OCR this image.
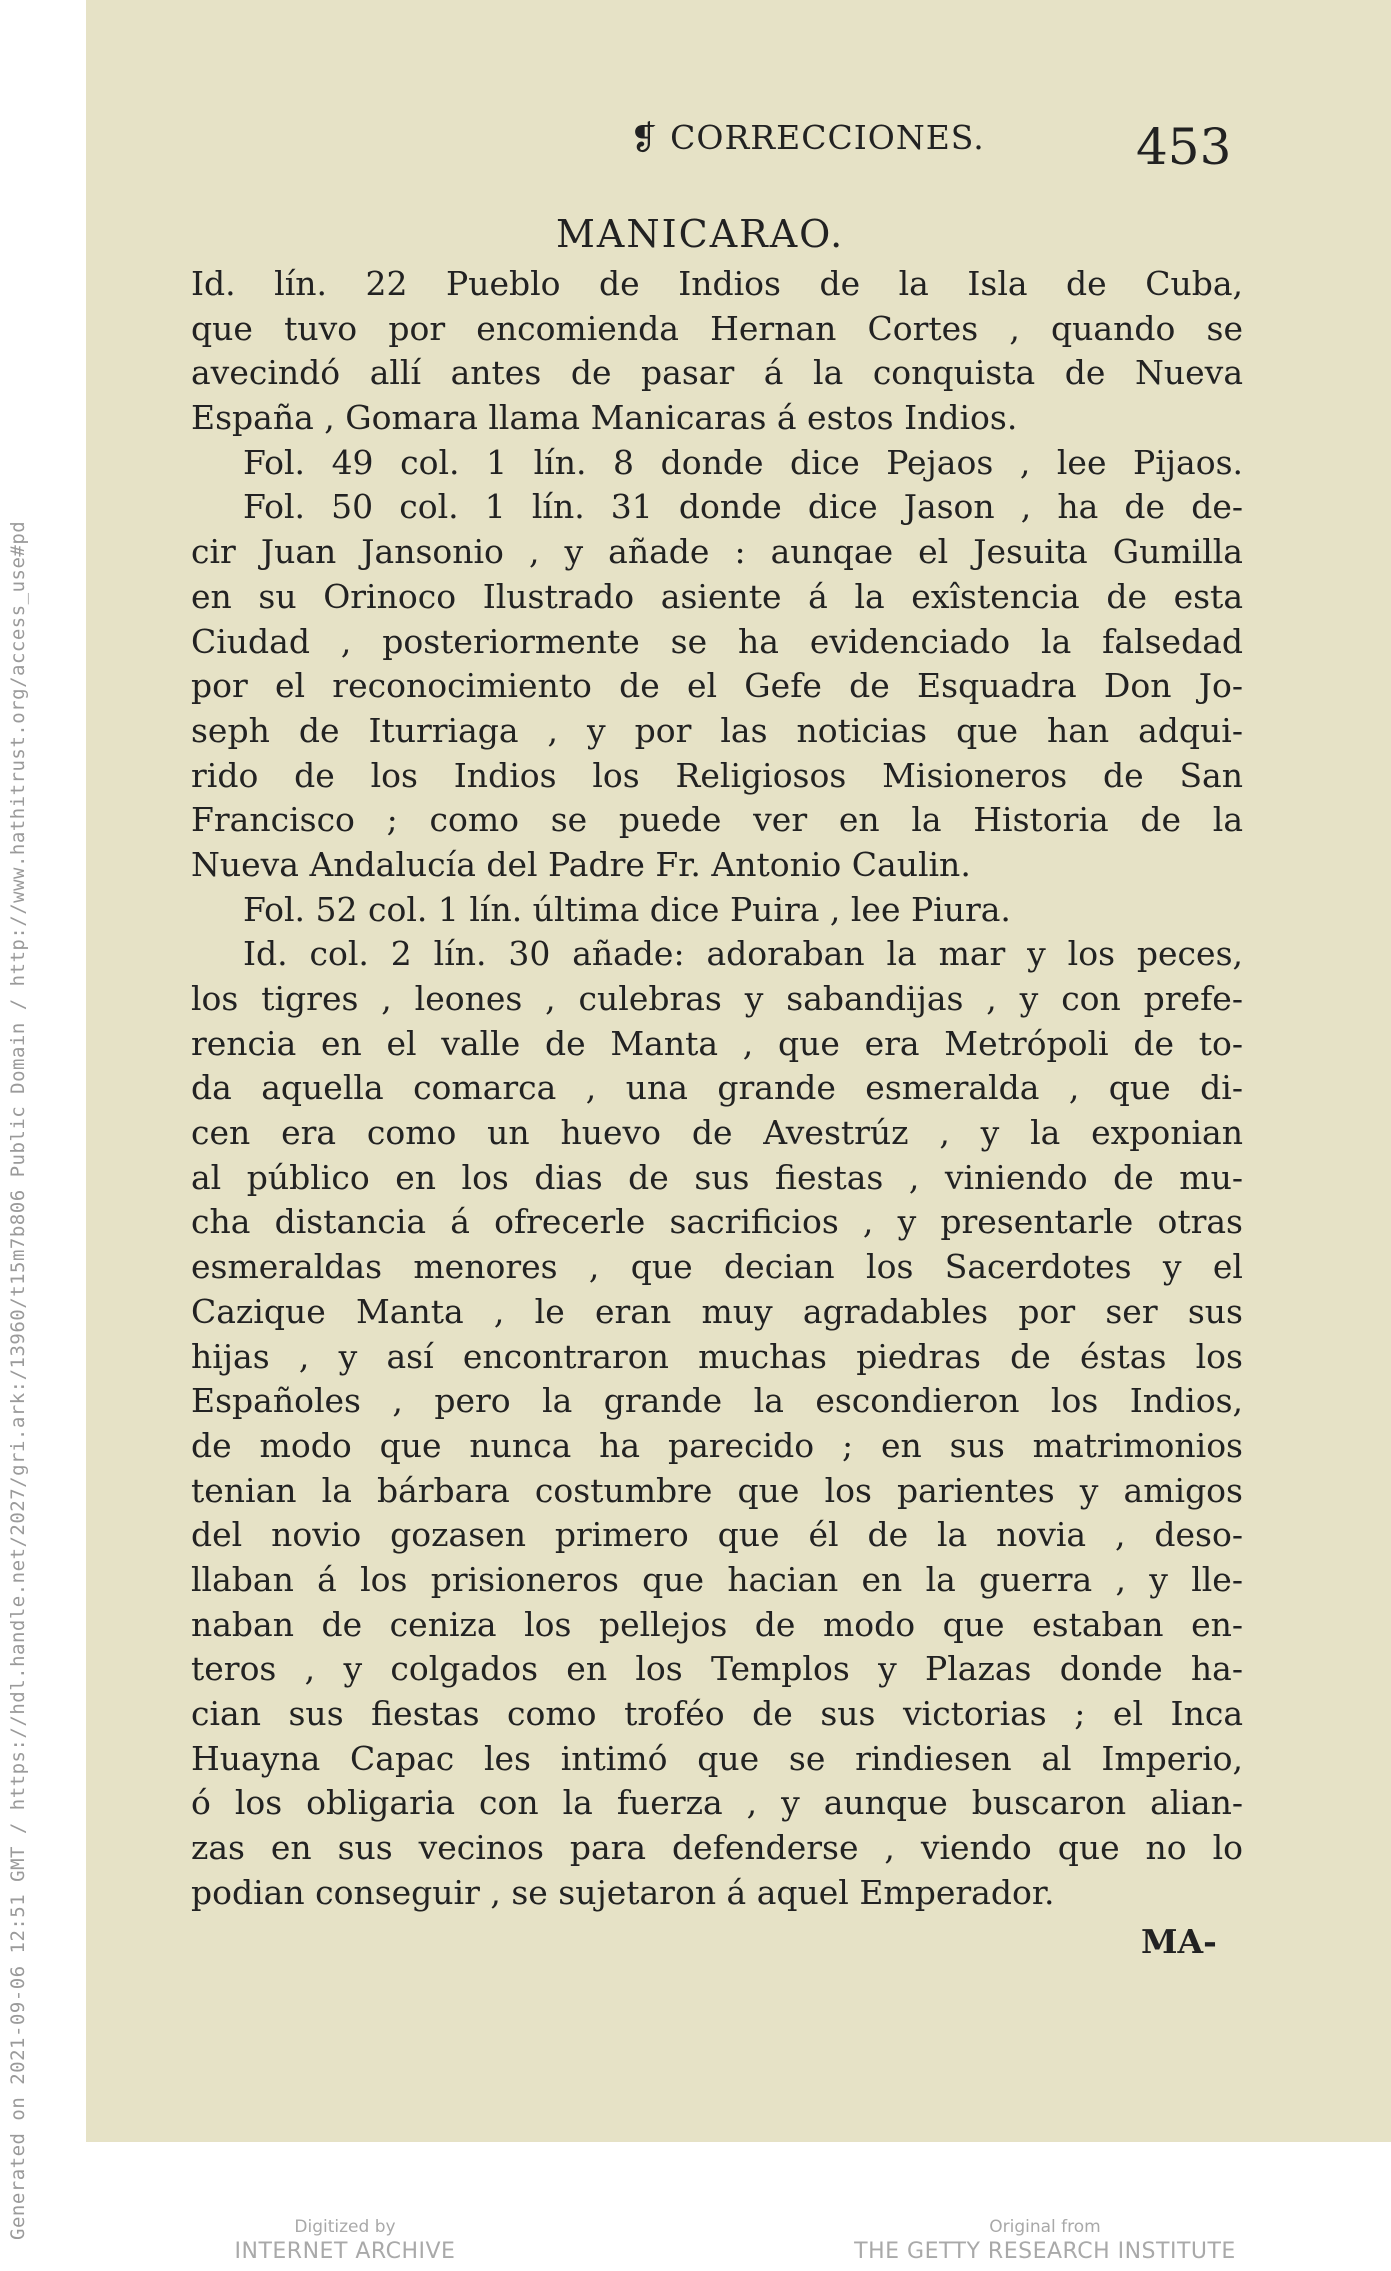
Generated on 2021-09-06 12:51 GMT / https://hdl.handle.net/2027/gri.ark:/13960/t15m7b806 Public Domain / http://www.hathitrust.org/access_use#pd
❡ CORRECCIONES.	453
MANICARAO.
Id. lín. 22 Pueblo de Indios de la Isla de Cuba,
que tuvo por encomienda Hernan Cortes , quando se
avecindó allí antes de pasar á la conquista de Nueva
España , Gomara llama Manicaras á estos Indios.
Fol. 49 col. 1 lín. 8 donde dice Pejaos , lee Pijaos.
Fol. 50 col. 1 lín. 31 donde dice Jason , ha de de-
cir Juan Jansonio , y añade : aunqae el Jesuita Gumilla
en su Orinoco Ilustrado asiente á la exîstencia de esta
Ciudad , posteriormente se ha evidenciado la falsedad
por el reconocimiento de el Gefe de Esquadra Don Jo-
seph de Iturriaga , y por las noticias que han adqui-
rido de los Indios los Religiosos Misioneros de San
Francisco ; como se puede ver en la Historia de la
Nueva Andalucía del Padre Fr. Antonio Caulin.
Fol. 52 col. 1 lín. última dice Puira , lee Piura.
Id. col. 2 lín. 30 añade: adoraban la mar y los peces,
los tigres , leones , culebras y sabandijas , y con prefe-
rencia en el valle de Manta , que era Metrópoli de to-
da aquella comarca , una grande esmeralda , que di-
cen era como un huevo de Avestrúz , y la exponian
al público en los dias de sus fiestas , viniendo de mu-
cha distancia á ofrecerle sacrificios , y presentarle otras
esmeraldas menores , que decian los Sacerdotes y el
Cazique Manta , le eran muy agradables por ser sus
hijas , y así encontraron muchas piedras de éstas los
Españoles , pero la grande la escondieron los Indios,
de modo que nunca ha parecido ; en sus matrimonios
tenian la bárbara costumbre que los parientes y amigos
del novio gozasen primero que él de la novia , deso-
llaban á los prisioneros que hacian en la guerra , y lle-
naban de ceniza los pellejos de modo que estaban en-
teros , y colgados en los Templos y Plazas donde ha-
cian sus fiestas como troféo de sus victorias ; el Inca
Huayna Capac les intimó que se rindiesen al Imperio,
ó los obligaria con la fuerza , y aunque buscaron alian-
zas en sus vecinos para defenderse , viendo que no lo
podian conseguir , se sujetaron á aquel Emperador.
MA-
Digitized by
INTERNET ARCHIVE
Original from
THE GETTY RESEARCH INSTITUTE
